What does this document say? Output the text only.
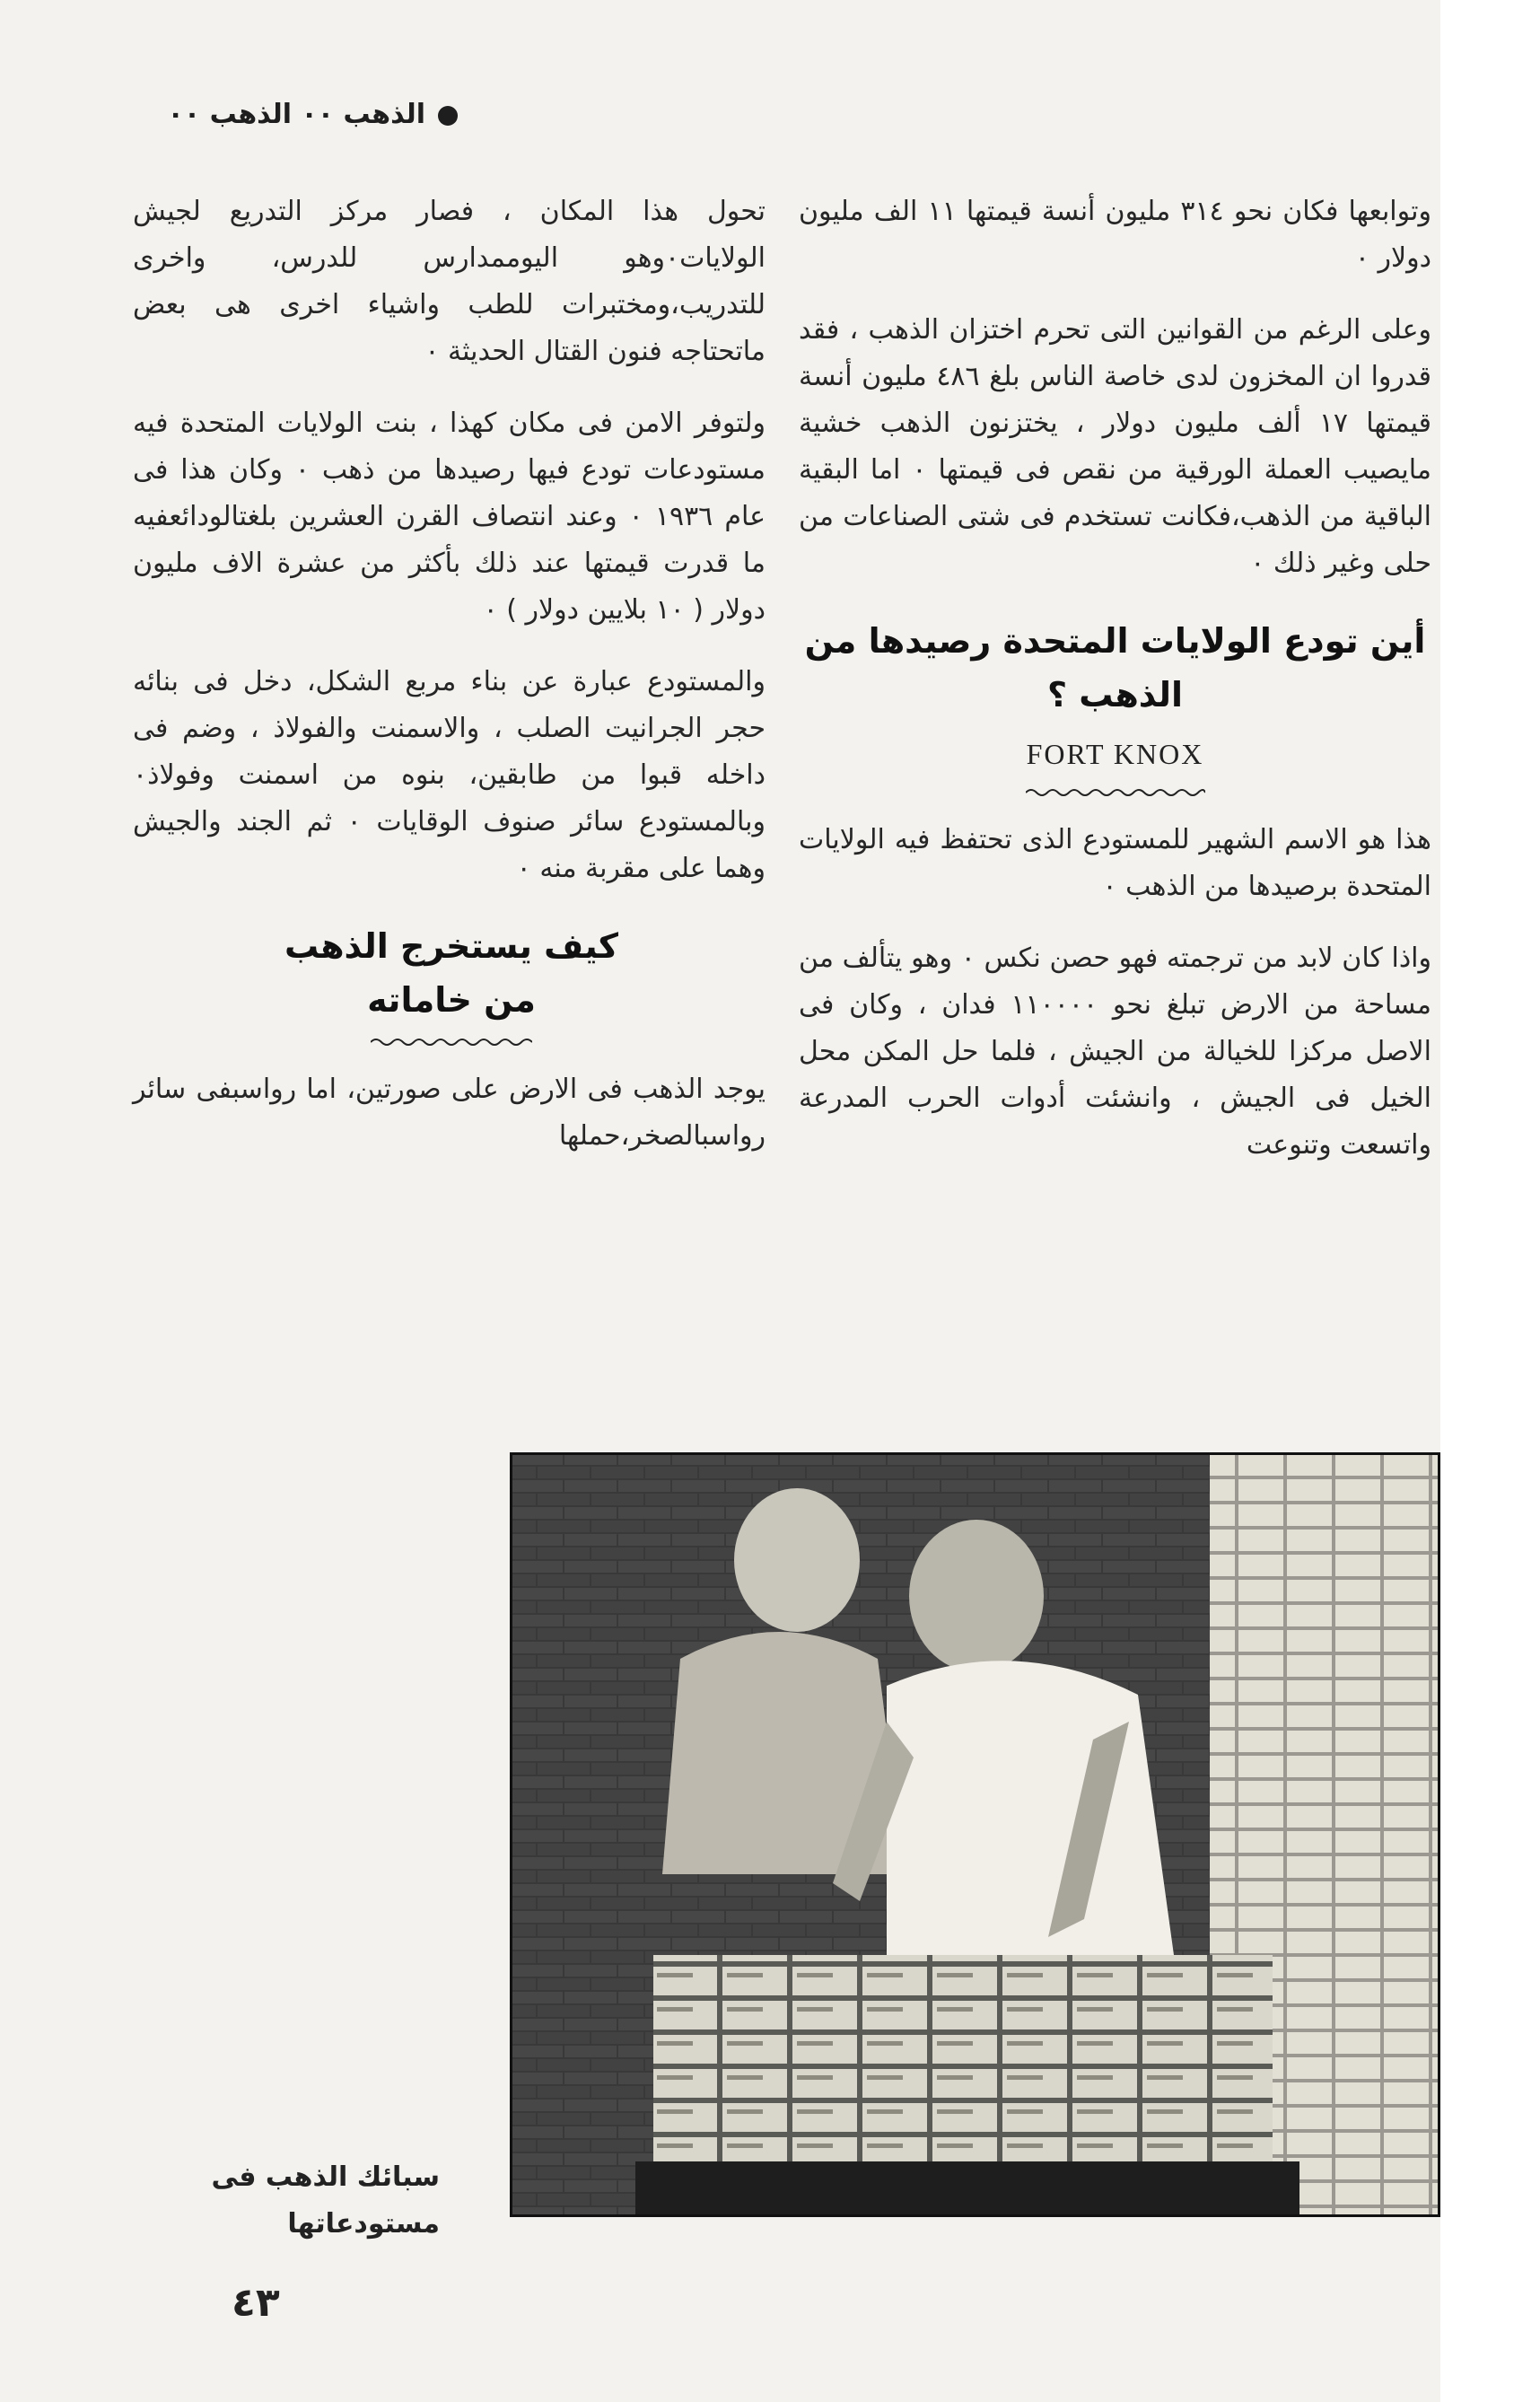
الذهب ٠٠ الذهب ٠٠

وتوابعها فكان نحو ٣١٤ مليون أنسة قيمتها ١١ الف مليون دولار ٠

وعلى الرغم من القوانين التى تحرم اختزان الذهب ، فقد قدروا ان المخزون لدى خاصة الناس بلغ ٤٨٦ مليون أنسة قيمتها ١٧ ألف مليون دولار ، يختزنون الذهب خشية مايصيب العملة الورقية من نقص فى قيمتها ٠ اما البقية الباقية من الذهب،فكانت تستخدم فى شتى الصناعات من حلى وغير ذلك ٠

أين تودع الولايات المتحدة رصيدها من الذهب ؟
FORT KNOX

هذا هو الاسم الشهير للمستودع الذى تحتفظ فيه الولايات المتحدة برصيدها من الذهب ٠

واذا كان لابد من ترجمته فهو حصن نكس ٠ وهو يتألف من مساحة من الارض تبلغ نحو ١١٠٠٠٠ فدان ، وكان فى الاصل مركزا للخيالة من الجيش ، فلما حل المكن محل الخيل فى الجيش ، وانشئت أدوات الحرب المدرعة واتسعت وتنوعت

تحول هذا المكان ، فصار مركز التدريع لجيش الولايات٠وهو اليوممدارس للدرس، واخرى للتدريب،ومختبرات للطب واشياء اخرى هى بعض ماتحتاجه فنون القتال الحديثة ٠

ولتوفر الامن فى مكان كهذا ، بنت الولايات المتحدة فيه مستودعات تودع فيها رصيدها من ذهب ٠ وكان هذا فى عام ١٩٣٦ ٠ وعند انتصاف القرن العشرين بلغتالودائعفيه ما قدرت قيمتها عند ذلك بأكثر من عشرة الاف مليون دولار ( ١٠ بلايين دولار ) ٠

والمستودع عبارة عن بناء مربع الشكل، دخل فى بنائه حجر الجرانيت الصلب ، والاسمنت والفولاذ ، وضم فى داخله قبوا من طابقين، بنوه من اسمنت وفولاذ٠ وبالمستودع سائر صنوف الوقايات ٠ ثم الجند والجيش وهما على مقربة منه ٠

كيف يستخرج الذهب من خاماته

يوجد الذهب فى الارض على صورتين، اما رواسبفى سائر رواسبالصخر،حملها

سبائك الذهب فى مستودعاتها
٤٣
